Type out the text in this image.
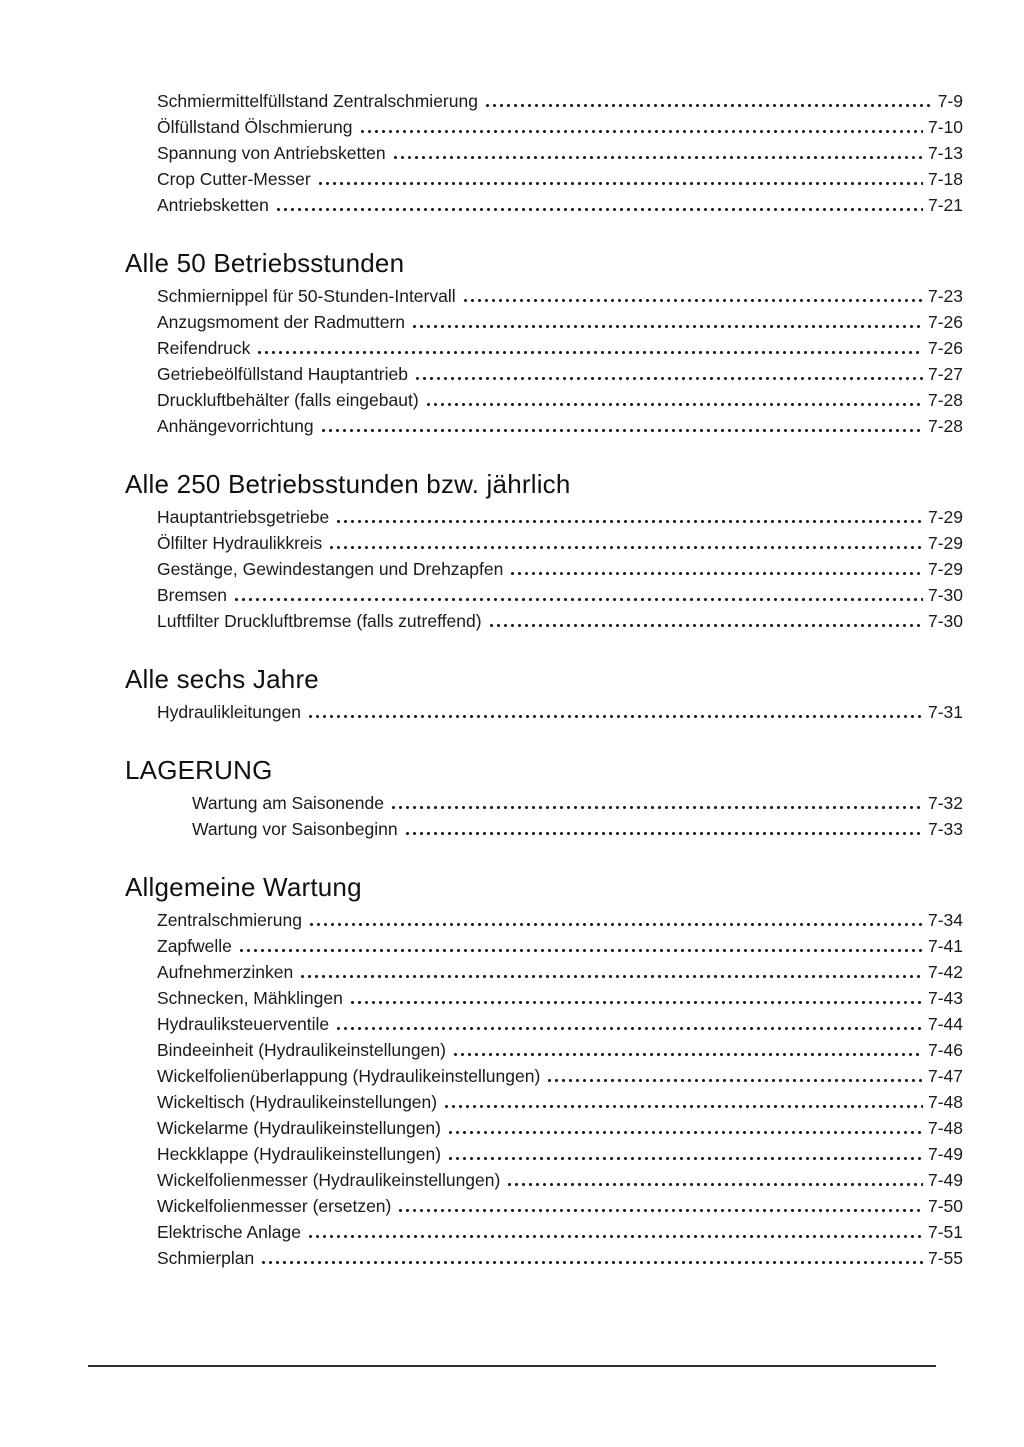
Schmiermittelfüllstand Zentralschmierung	7-9
Ölfüllstand Ölschmierung	7-10
Spannung von Antriebsketten	7-13
Crop Cutter-Messer	7-18
Antriebsketten	7-21
Alle 50 Betriebsstunden
Schmiernippel für 50-Stunden-Intervall	7-23
Anzugsmoment der Radmuttern	7-26
Reifendruck	7-26
Getriebeölfüllstand Hauptantrieb	7-27
Druckluftbehälter (falls eingebaut)	7-28
Anhängevorrichtung	7-28
Alle 250 Betriebsstunden bzw. jährlich
Hauptantriebsgetriebe	7-29
Ölfilter Hydraulikkreis	7-29
Gestänge, Gewindestangen und Drehzapfen	7-29
Bremsen	7-30
Luftfilter Druckluftbremse (falls zutreffend)	7-30
Alle sechs Jahre
Hydraulikleitungen	7-31
LAGERUNG
Wartung am Saisonende	7-32
Wartung vor Saisonbeginn	7-33
Allgemeine Wartung
Zentralschmierung	7-34
Zapfwelle	7-41
Aufnehmerzinken	7-42
Schnecken, Mähklingen	7-43
Hydrauliksteuerventile	7-44
Bindeeinheit (Hydraulikeinstellungen)	7-46
Wickelfolienüberlappung (Hydraulikeinstellungen)	7-47
Wickeltisch (Hydraulikeinstellungen)	7-48
Wickelarme (Hydraulikeinstellungen)	7-48
Heckklappe (Hydraulikeinstellungen)	7-49
Wickelfolienmesser (Hydraulikeinstellungen)	7-49
Wickelfolienmesser (ersetzen)	7-50
Elektrische Anlage	7-51
Schmierplan	7-55
